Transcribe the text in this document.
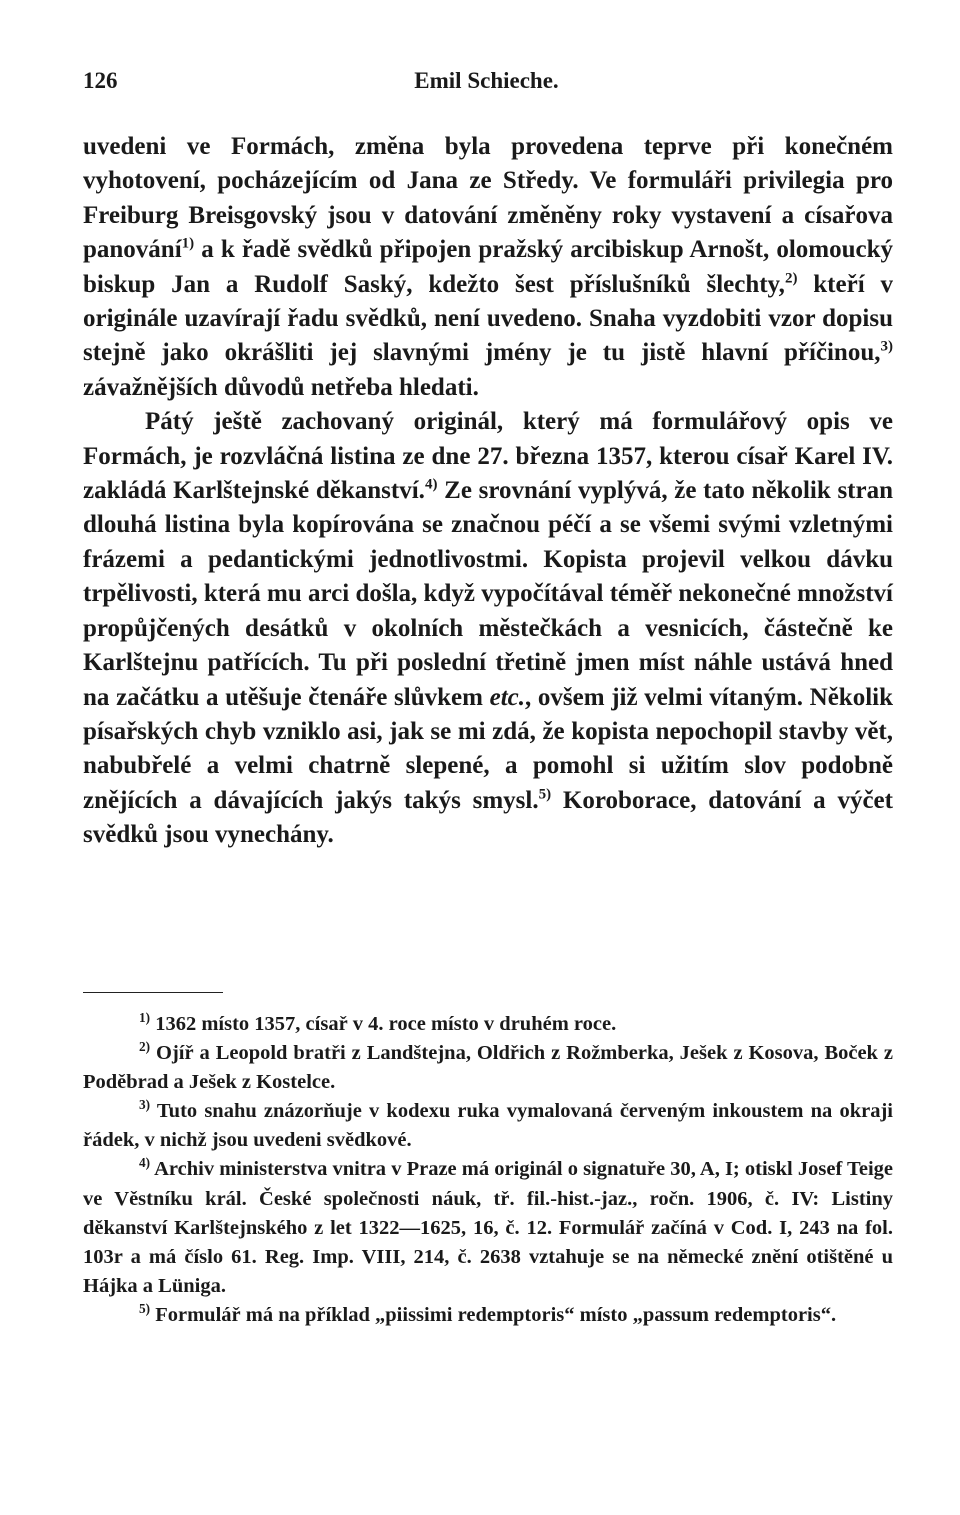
126	Emil Schieche.

uvedeni ve Formách, změna byla provedena teprve při konečném vyhotovení, pocházejícím od Jana ze Středy. Ve formuláři privilegia pro Freiburg Breisgovský jsou v datování změněny roky vystavení a císařova panování$^{1)}$ a k řadě svědků připojen pražský arcibiskup Arnošt, olomoucký biskup Jan a Rudolf Saský, kdežto šest příslušníků šlechty,$^{2)}$ kteří v originále uzavírají řadu svědků, není uvedeno. Snaha vyzdobiti vzor dopisu stejně jako okrášliti jej slavnými jmény je tu jistě hlavní příčinou,$^{3)}$ závažnějších důvodů netřeba hledati.

Pátý ještě zachovaný originál, který má formulářový opis ve Formách, je rozvláčná listina ze dne 27. března 1357, kterou císař Karel IV. zakládá Karlštejnské děkanství.$^{4)}$ Ze srovnání vyplývá, že tato několik stran dlouhá listina byla kopírována se značnou péčí a se všemi svými vzletnými frázemi a pedantickými jednotlivostmi. Kopista projevil velkou dávku trpělivosti, která mu arci došla, když vypočítával téměř nekonečné množství propůjčených desátků v okolních městečkách a vesnicích, částečně ke Karlštejnu patřících. Tu při poslední třetině jmen míst náhle ustává hned na začátku a utěšuje čtenáře slůvkem etc., ovšem již velmi vítaným. Několik písařských chyb vzniklo asi, jak se mi zdá, že kopista nepochopil stavby vět, nabubřelé a velmi chatrně slepené, a pomohl si užitím slov podobně znějících a dávajících jakýs takýs smysl.$^{5)}$ Koroborace, datování a výčet svědků jsou vynechány.

$^{1)}$ 1362 místo 1357, císař v 4. roce místo v druhém roce.

$^{2)}$ Ojíř a Leopold bratři z Landštejna, Oldřich z Rožmberka, Ješek z Kosova, Boček z Poděbrad a Ješek z Kostelce.

$^{3)}$ Tuto snahu znázorňuje v kodexu ruka vymalovaná červeným inkoustem na okraji řádek, v nichž jsou uvedeni svědkové.

$^{4)}$ Archiv ministerstva vnitra v Praze má originál o signatuře 30, A, I; otiskl Josef Teige ve Věstníku král. České společnosti náuk, tř. fil.-hist.-jaz., ročn. 1906, č. IV: Listiny děkanství Karlštejnského z let 1322—1625, 16, č. 12. Formulář začíná v Cod. I, 243 na fol. 103r a má číslo 61. Reg. Imp. VIII, 214, č. 2638 vztahuje se na německé znění otištěné u Hájka a Lüniga.

$^{5)}$ Formulář má na příklad „piissimi redemptoris“ místo „passum redemptoris“.
